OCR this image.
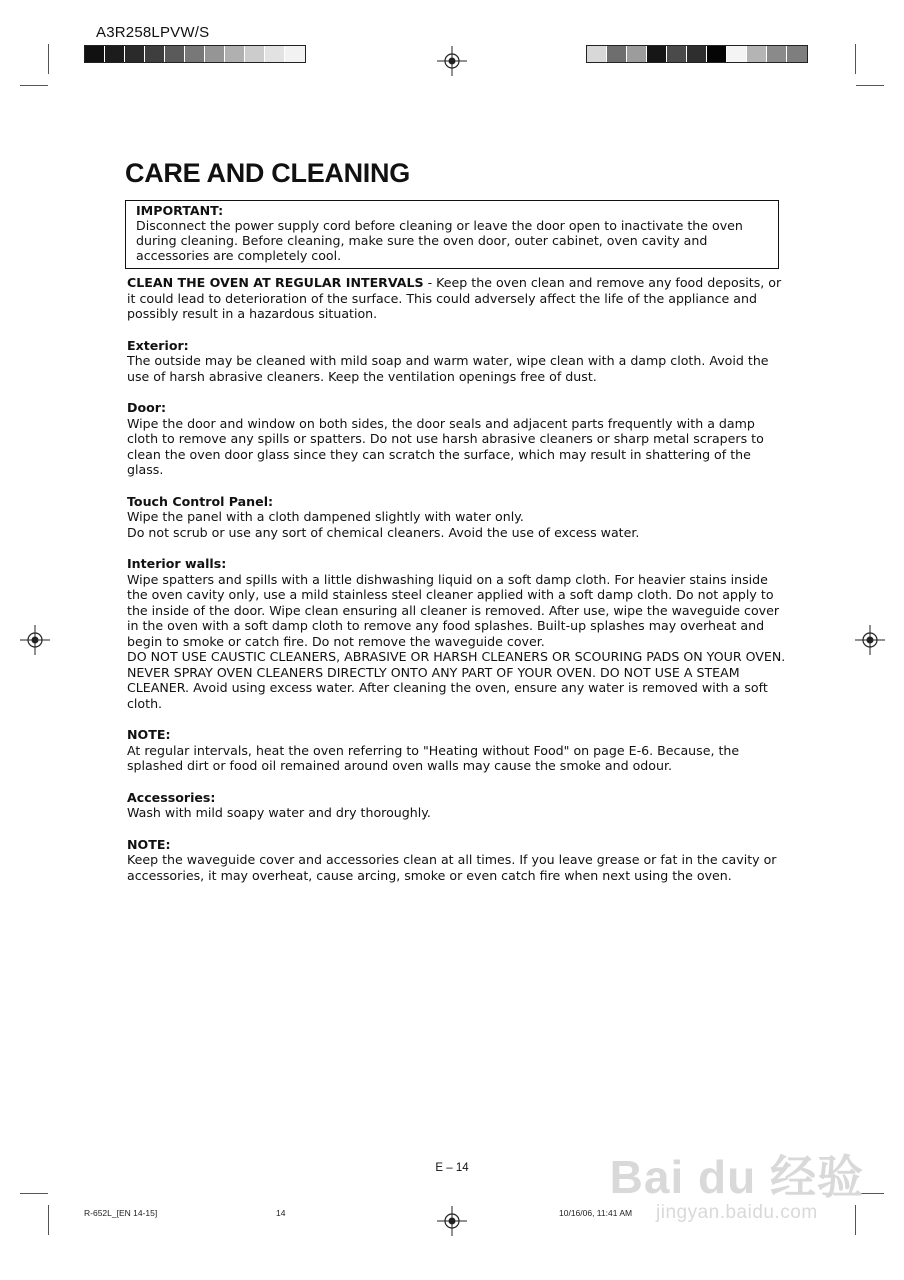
A3R258LPVW/S
CARE AND CLEANING
IMPORTANT:
Disconnect the power supply cord before cleaning or leave the door open to inactivate the oven during cleaning. Before cleaning, make sure the oven door, outer cabinet, oven cavity and accessories are completely cool.

CLEAN THE OVEN AT REGULAR INTERVALS - Keep the oven clean and remove any food deposits, or it could lead to deterioration of the surface. This could adversely affect the life of the appliance and possibly result in a hazardous situation.

Exterior:

The outside may be cleaned with mild soap and warm water, wipe clean with a damp cloth. Avoid the use of harsh abrasive cleaners. Keep the ventilation openings free of dust.

Door:

Wipe the door and window on both sides, the door seals and adjacent parts frequently with a damp cloth to remove any spills or spatters. Do not use harsh abrasive cleaners or sharp metal scrapers to clean the oven door glass since they can scratch the surface, which may result in shattering of the glass.

Touch Control Panel:

Wipe the panel with a cloth dampened slightly with water only.

Do not scrub or use any sort of chemical cleaners. Avoid the use of excess water.

Interior walls:

Wipe spatters and spills with a little dishwashing liquid on a soft damp cloth. For heavier stains inside the oven cavity only, use a mild stainless steel cleaner applied with a soft damp cloth. Do not apply to the inside of the door. Wipe clean ensuring all cleaner is removed. After use, wipe the waveguide cover in the oven with a soft damp cloth to remove any food splashes. Built-up splashes may overheat and begin to smoke or catch fire. Do not remove the waveguide cover.

DO NOT USE CAUSTIC CLEANERS, ABRASIVE OR HARSH CLEANERS OR SCOURING PADS ON YOUR OVEN. NEVER SPRAY OVEN CLEANERS DIRECTLY ONTO ANY PART OF YOUR OVEN. DO NOT USE A STEAM CLEANER. Avoid using excess water. After cleaning the oven, ensure any water is removed with a soft cloth.

NOTE:

At regular intervals, heat the oven referring to "Heating without Food" on page E-6. Because, the splashed dirt or food oil remained around oven walls may cause the smoke and odour.

Accessories:

Wash with mild soapy water and dry thoroughly.

NOTE:

Keep the waveguide cover and accessories clean at all times. If you leave grease or fat in the cavity or accessories, it may overheat, cause arcing, smoke or even catch fire when next using the oven.

E – 14
R-652L_[EN 14-15]	14	10/16/06, 11:41 AM
Bai du 经验
jingyan.baidu.com
